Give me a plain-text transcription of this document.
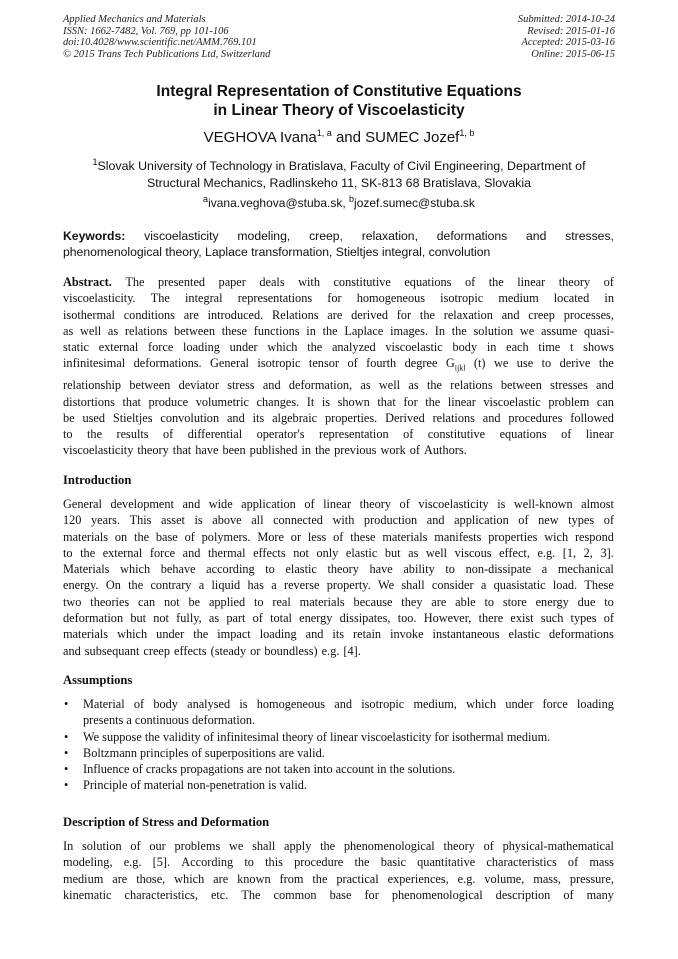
Applied Mechanics and Materials
ISSN: 1662-7482, Vol. 769, pp 101-106
doi:10.4028/www.scientific.net/AMM.769.101
© 2015 Trans Tech Publications Ltd, Switzerland
Submitted: 2014-10-24
Revised: 2015-01-16
Accepted: 2015-03-16
Online: 2015-06-15
Integral Representation of Constitutive Equations
in Linear Theory of Viscoelasticity
VEGHOVA Ivana$^{1, a}$ and SUMEC Jozef$^{1, b}$
$^1$Slovak University of Technology in Bratislava, Faculty of Civil Engineering, Department of
Structural Mechanics, Radlinskeho 11, SK-813 68 Bratislava, Slovakia
$^a$ivana.veghova@stuba.sk, $^b$jozef.sumec@stuba.sk
Keywords: viscoelasticity modeling, creep, relaxation, deformations and stresses,
phenomenological theory, Laplace transformation, Stieltjes integral, convolution
Abstract. The presented paper deals with constitutive equations of the linear theory of
viscoelasticity. The integral representations for homogeneous isotropic medium located in
isothermal conditions are introduced. Relations are derived for the relaxation and creep processes,
as well as relations between these functions in the Laplace images. In the solution we assume quasi-
static external force loading under which the analyzed viscoelastic body in each time t shows
infinitesimal deformations. General isotropic tensor of fourth degree $G_{ijkl}$ (t) we use to derive the
relationship between deviator stress and deformation, as well as the relations between stresses and
distortions that produce volumetric changes. It is shown that for the linear viscoelastic problem can
be used Stieltjes convolution and its algebraic properties. Derived relations and procedures followed
to the results of differential operator's representation of constitutive equations of linear
viscoelasticity theory that have been published in the previous work of Authors.
Introduction
General development and wide application of linear theory of viscoelasticity is well-known almost
120 years. This asset is above all connected with production and application of new types of
materials on the base of polymers. More or less of these materials manifests properties wich respond
to the external force and thermal effects not only elastic but as well viscous effect, e.g. [1, 2, 3].
Materials which behave according to elastic theory have ability to non-dissipate a mechanical
energy. On the contrary a liquid has a reverse property. We shall consider a quasistatic load. These
two theories can not be applied to real materials because they are able to store energy due to
deformation but not fully, as part of total energy dissipates, too. However, there exist such types of
materials which under the impact loading and its retain invoke instantaneous elastic deformations
and subsequant creep effects (steady or boundless) e.g. [4].
Assumptions
• Material of body analysed is homogeneous and isotropic medium, which under force loading
presents a continuous deformation.
• We suppose the validity of infinitesimal theory of linear viscoelasticity for isothermal medium.
• Boltzmann principles of superpositions are valid.
• Influence of cracks propagations are not taken into account in the solutions.
• Principle of material non-penetration is valid.
Description of Stress and Deformation
In solution of our problems we shall apply the phenomenological theory of physical-mathematical
modeling, e.g. [5]. According to this procedure the basic quantitative characteristics of mass
medium are those, which are known from the practical experiences, e.g. volume, mass, pressure,
kinematic characteristics, etc. The common base for phenomenological description of many
